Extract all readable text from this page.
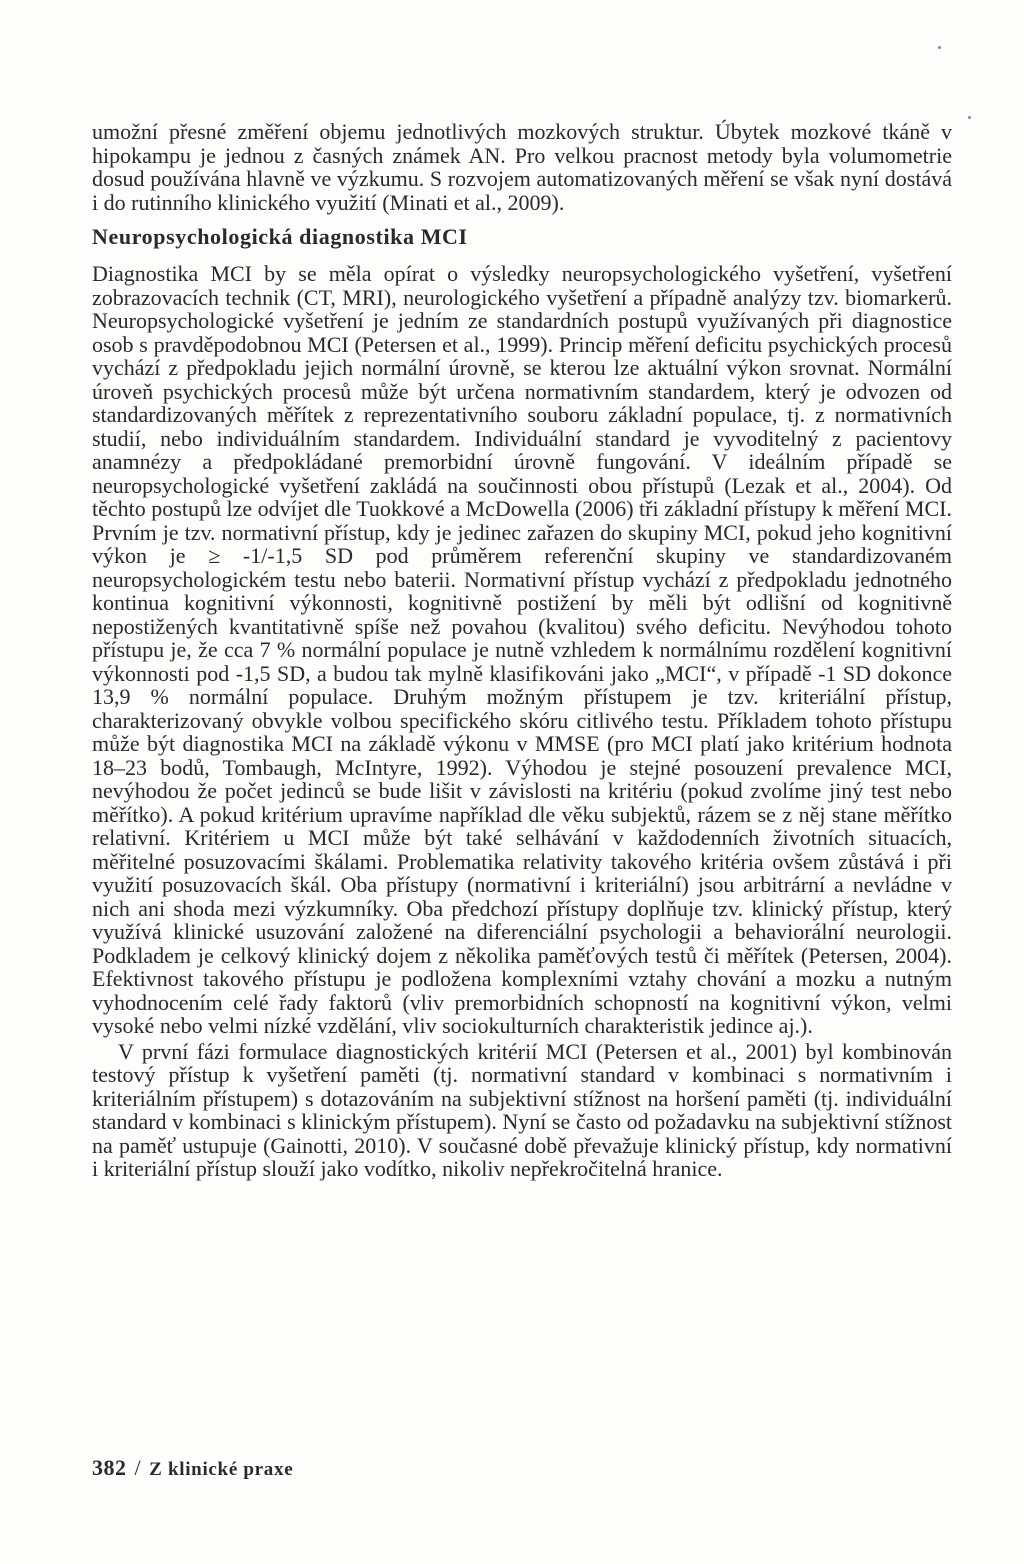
umožní přesné změření objemu jednotlivých mozkových struktur. Úbytek mozkové tkáně v hipokampu je jednou z časných známek AN. Pro velkou pracnost metody byla volumometrie dosud používána hlavně ve výzkumu. S rozvojem automatizovaných měření se však nyní dostává i do rutinního klinického využití (Minati et al., 2009).

Neuropsychologická diagnostika MCI

Diagnostika MCI by se měla opírat o výsledky neuropsychologického vyšetření, vyšetření zobrazovacích technik (CT, MRI), neurologického vyšetření a případně analýzy tzv. biomarkerů. Neuropsychologické vyšetření je jedním ze standardních postupů využívaných při diagnostice osob s pravděpodobnou MCI (Petersen et al., 1999). Princip měření deficitu psychických procesů vychází z předpokladu jejich normální úrovně, se kterou lze aktuální výkon srovnat. Normální úroveň psychických procesů může být určena normativním standardem, který je odvozen od standardizovaných měřítek z reprezentativního souboru základní populace, tj. z normativních studií, nebo individuálním standardem. Individuální standard je vyvoditelný z pacientovy anamnézy a předpokládané premorbidní úrovně fungování. V ideálním případě se neuropsychologické vyšetření zakládá na součinnosti obou přístupů (Lezak et al., 2004). Od těchto postupů lze odvíjet dle Tuokkové a McDowella (2006) tři základní přístupy k měření MCI. Prvním je tzv. normativní přístup, kdy je jedinec zařazen do skupiny MCI, pokud jeho kognitivní výkon je ≥ -1/-1,5 SD pod průměrem referenční skupiny ve standardizovaném neuropsychologickém testu nebo baterii. Normativní přístup vychází z předpokladu jednotného kontinua kognitivní výkonnosti, kognitivně postižení by měli být odlišní od kognitivně nepostižených kvantitativně spíše než povahou (kvalitou) svého deficitu. Nevýhodou tohoto přístupu je, že cca 7 % normální populace je nutně vzhledem k normálnímu rozdělení kognitivní výkonnosti pod -1,5 SD, a budou tak mylně klasifikováni jako „MCI“, v případě -1 SD dokonce 13,9 % normální populace. Druhým možným přístupem je tzv. kriteriální přístup, charakterizovaný obvykle volbou specifického skóru citlivého testu. Příkladem tohoto přístupu může být diagnostika MCI na základě výkonu v MMSE (pro MCI platí jako kritérium hodnota 18–23 bodů, Tombaugh, McIntyre, 1992). Výhodou je stejné posouzení prevalence MCI, nevýhodou že počet jedinců se bude lišit v závislosti na kritériu (pokud zvolíme jiný test nebo měřítko). A pokud kritérium upravíme například dle věku subjektů, rázem se z něj stane měřítko relativní. Kritériem u MCI může být také selhávání v každodenních životních situacích, měřitelné posuzovacími škálami. Problematika relativity takového kritéria ovšem zůstává i při využití posuzovacích škál. Oba přístupy (normativní i kriteriální) jsou arbitrární a nevládne v nich ani shoda mezi výzkumníky. Oba předchozí přístupy doplňuje tzv. klinický přístup, který využívá klinické usuzování založené na diferenciální psychologii a behaviorální neurologii. Podkladem je celkový klinický dojem z několika paměťových testů či měřítek (Petersen, 2004). Efektivnost takového přístupu je podložena komplexními vztahy chování a mozku a nutným vyhodnocením celé řady faktorů (vliv premorbidních schopností na kognitivní výkon, velmi vysoké nebo velmi nízké vzdělání, vliv sociokulturních charakteristik jedince aj.).

V první fázi formulace diagnostických kritérií MCI (Petersen et al., 2001) byl kombinován testový přístup k vyšetření paměti (tj. normativní standard v kombinaci s normativním i kriteriálním přístupem) s dotazováním na subjektivní stížnost na horšení paměti (tj. individuální standard v kombinaci s klinickým přístupem). Nyní se často od požadavku na subjektivní stížnost na paměť ustupuje (Gainotti, 2010). V současné době převažuje klinický přístup, kdy normativní i kriteriální přístup slouží jako vodítko, nikoliv nepřekročitelná hranice.

382 / Z klinické praxe
